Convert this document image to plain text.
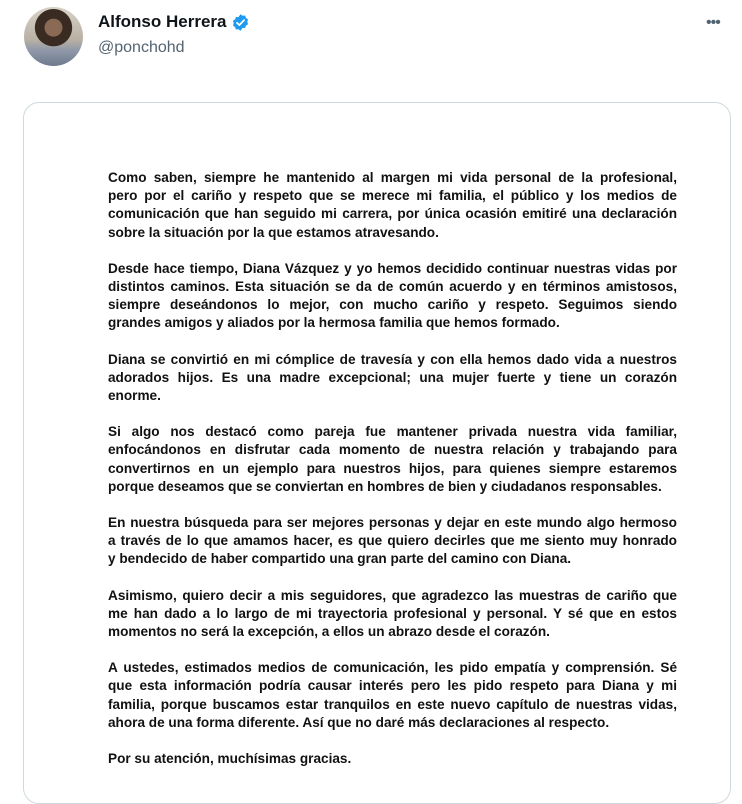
Alfonso Herrera
@ponchohd
•••
Como saben, siempre he mantenido al margen mi vida personal de la profesional,
pero por el cariño y respeto que se merece mi familia, el público y los medios de
comunicación que han seguido mi carrera, por única ocasión emitiré una declaración
sobre la situación por la que estamos atravesando.
Desde hace tiempo, Diana Vázquez y yo hemos decidido continuar nuestras vidas por
distintos caminos. Esta situación se da de común acuerdo y en términos amistosos,
siempre deseándonos lo mejor, con mucho cariño y respeto. Seguimos siendo
grandes amigos y aliados por la hermosa familia que hemos formado.
Diana se convirtió en mi cómplice de travesía y con ella hemos dado vida a nuestros
adorados hijos. Es una madre excepcional; una mujer fuerte y tiene un corazón
enorme.
Si algo nos destacó como pareja fue mantener privada nuestra vida familiar,
enfocándonos en disfrutar cada momento de nuestra relación y trabajando para
convertirnos en un ejemplo para nuestros hijos, para quienes siempre estaremos
porque deseamos que se conviertan en hombres de bien y ciudadanos responsables.
En nuestra búsqueda para ser mejores personas y dejar en este mundo algo hermoso
a través de lo que amamos hacer, es que quiero decirles que me siento muy honrado
y bendecido de haber compartido una gran parte del camino con Diana.
Asimismo, quiero decir a mis seguidores, que agradezco las muestras de cariño que
me han dado a lo largo de mi trayectoria profesional y personal. Y sé que en estos
momentos no será la excepción, a ellos un abrazo desde el corazón.
A ustedes, estimados medios de comunicación, les pido empatía y comprensión. Sé
que esta información podría causar interés pero les pido respeto para Diana y mi
familia, porque buscamos estar tranquilos en este nuevo capítulo de nuestras vidas,
ahora de una forma diferente. Así que no daré más declaraciones al respecto.
Por su atención, muchísimas gracias.
